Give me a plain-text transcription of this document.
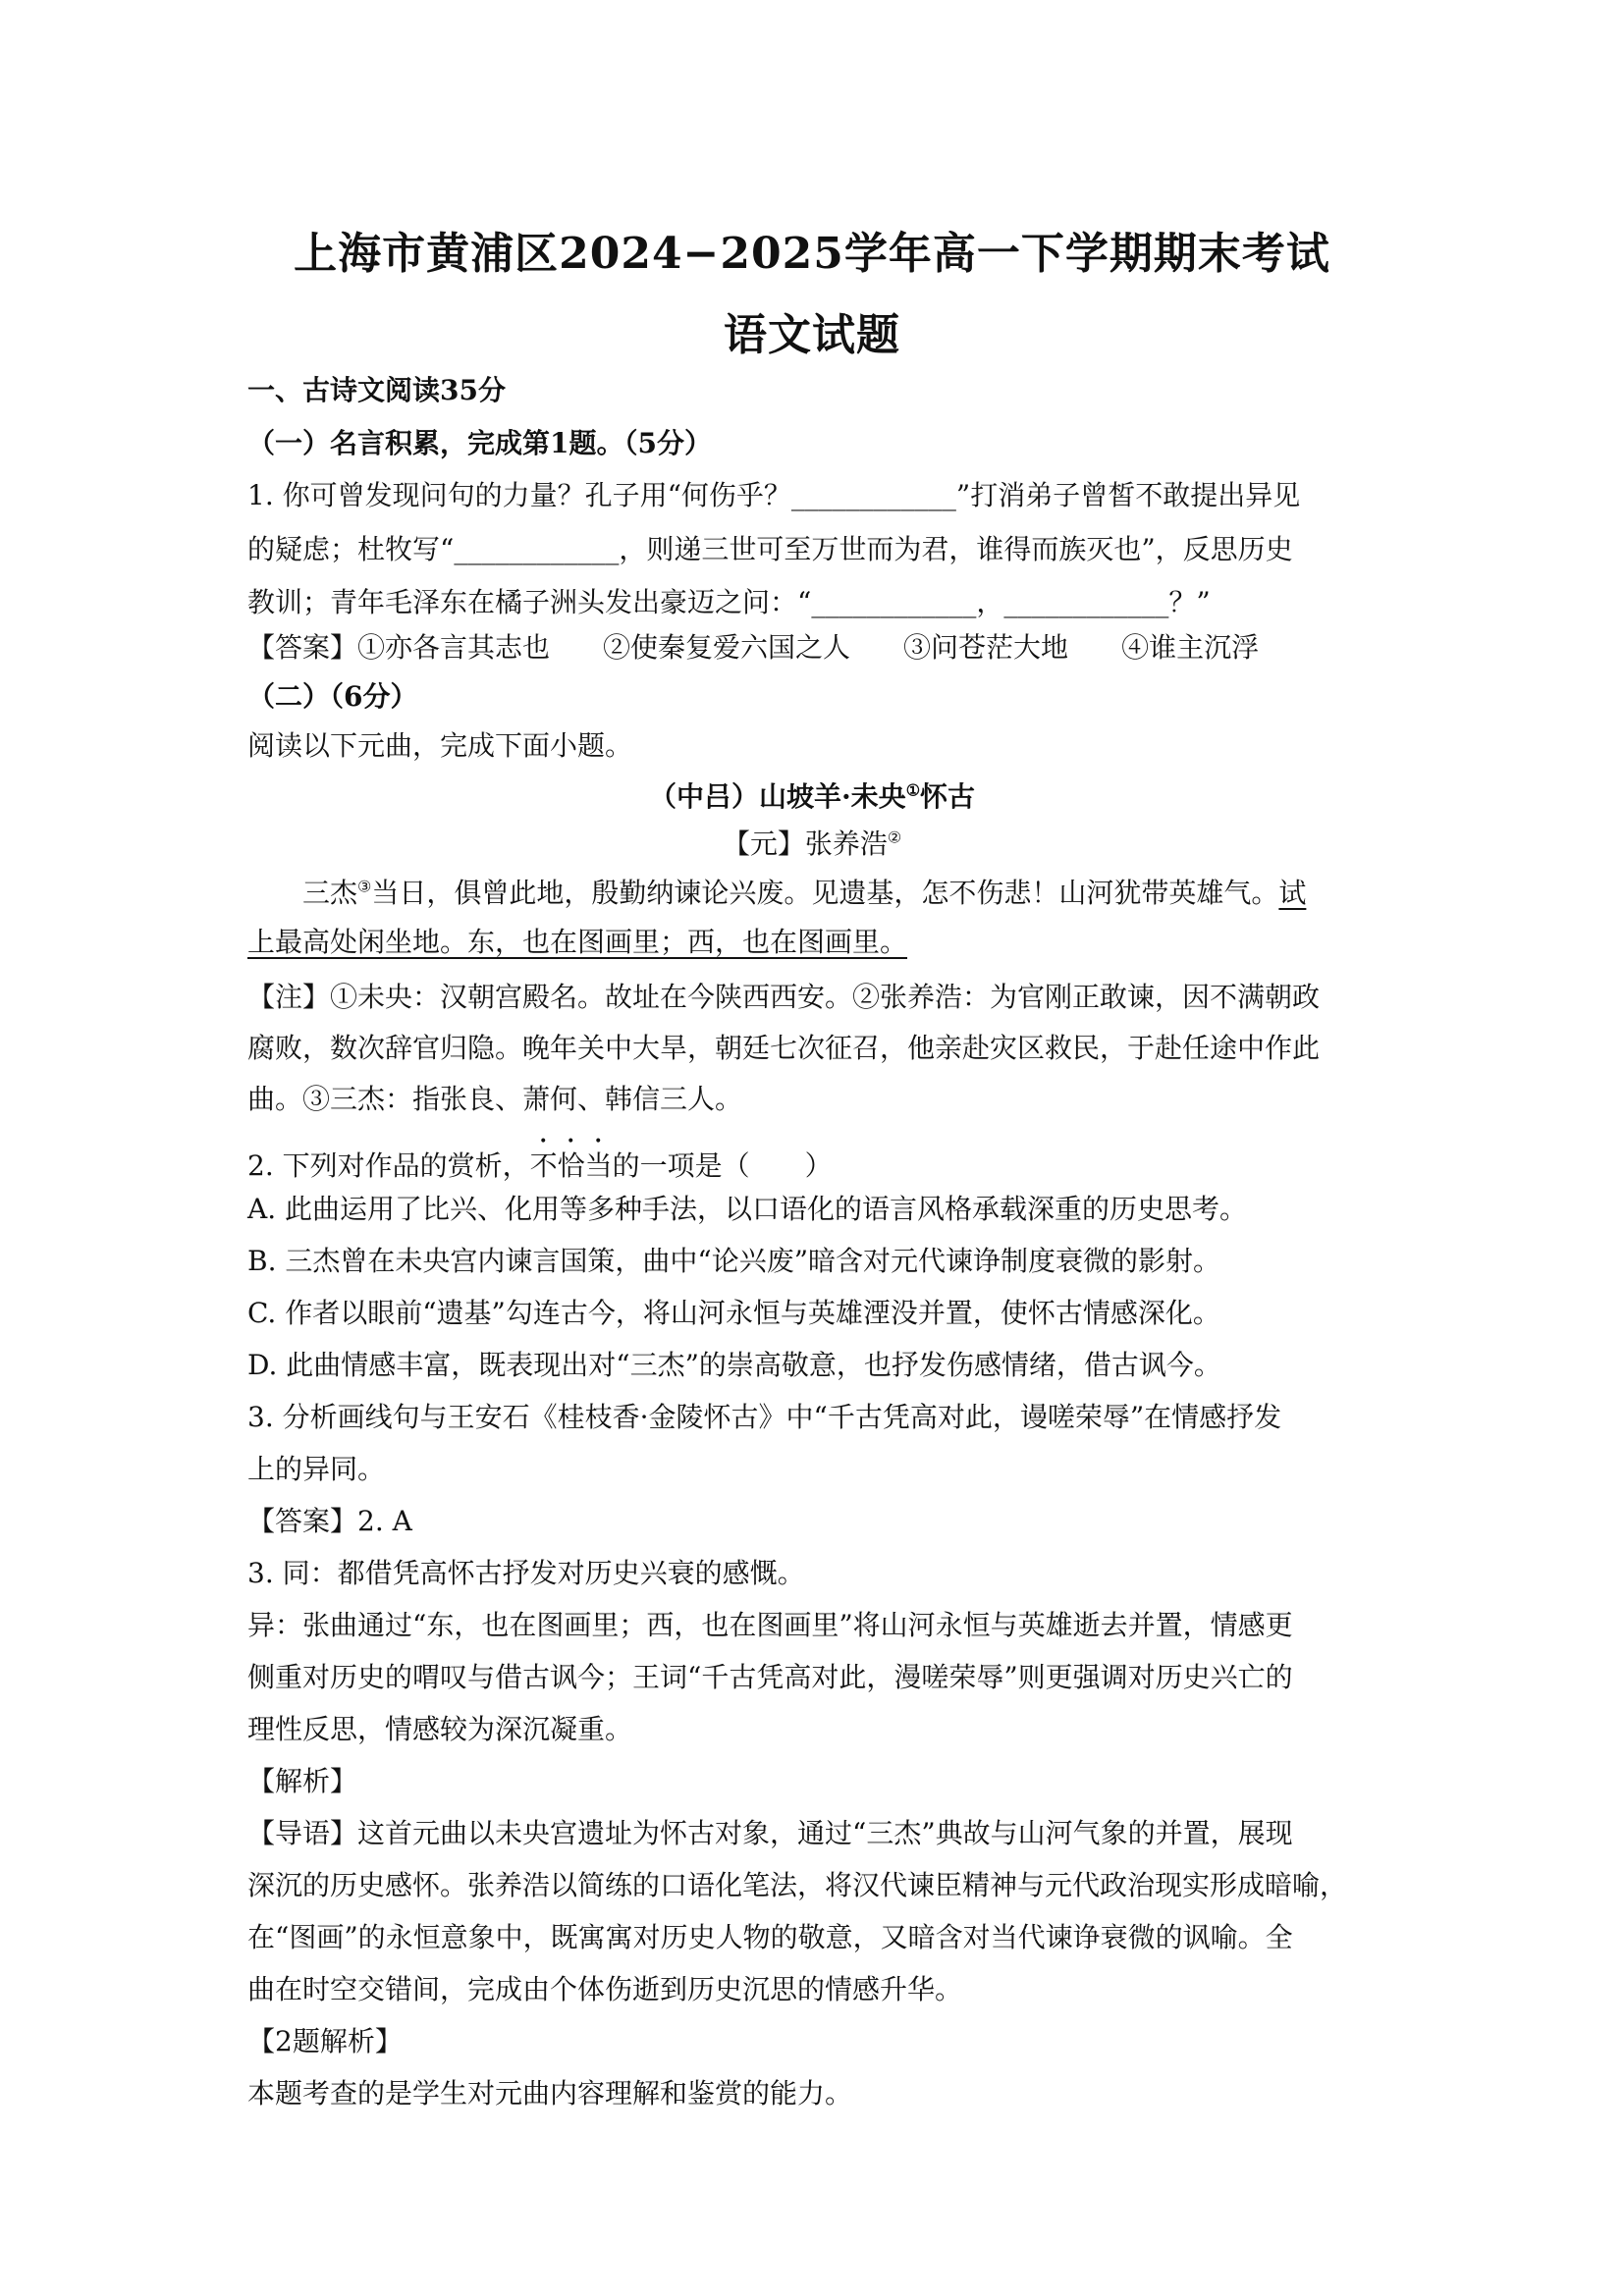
上海市黄浦区2024−2025学年高一下学期期末考试
语文试题
一、古诗文阅读35分
（一）名言积累，完成第1题。（5分）
1. 你可曾发现问句的力量？孔子用“何伤乎？____________”打消弟子曾皙不敢提出异见
的疑虑；杜牧写“____________，则递三世可至万世而为君，谁得而族灭也”，反思历史
教训；青年毛泽东在橘子洲头发出豪迈之问：“____________，____________？”
【答案】①亦各言其志也 ②使秦复爱六国之人 ③问苍茫大地 ④谁主沉浮
（二）（6分）
阅读以下元曲，完成下面小题。
（中吕）山坡羊·未央①怀古
【元】张养浩②
三杰③当日，俱曾此地，殷勤纳谏论兴废。见遗基，怎不伤悲！山河犹带英雄气。试
上最高处闲坐地。东，也在图画里；西，也在图画里。
【注】①未央：汉朝宫殿名。故址在今陕西西安。②张养浩：为官刚正敢谏，因不满朝政
腐败，数次辞官归隐。晚年关中大旱，朝廷七次征召，他亲赴灾区救民，于赴任途中作此
曲。③三杰：指张良、萧何、韩信三人。
2. 下列对作品的赏析，不恰当的一项是（　　）
A. 此曲运用了比兴、化用等多种手法，以口语化的语言风格承载深重的历史思考。
B. 三杰曾在未央宫内谏言国策，曲中“论兴废”暗含对元代谏诤制度衰微的影射。
C. 作者以眼前“遗基”勾连古今，将山河永恒与英雄湮没并置，使怀古情感深化。
D. 此曲情感丰富，既表现出对“三杰”的崇高敬意，也抒发伤感情绪，借古讽今。
3. 分析画线句与王安石《桂枝香·金陵怀古》中“千古凭高对此，谩嗟荣辱”在情感抒发
上的异同。
【答案】2. A
3. 同：都借凭高怀古抒发对历史兴衰的感慨。
异：张曲通过“东，也在图画里；西，也在图画里”将山河永恒与英雄逝去并置，情感更
侧重对历史的喟叹与借古讽今；王词“千古凭高对此，漫嗟荣辱”则更强调对历史兴亡的
理性反思，情感较为深沉凝重。
【解析】
【导语】这首元曲以未央宫遗址为怀古对象，通过“三杰”典故与山河气象的并置，展现
深沉的历史感怀。张养浩以简练的口语化笔法，将汉代谏臣精神与元代政治现实形成暗喻，
在“图画”的永恒意象中，既寓寓对历史人物的敬意，又暗含对当代谏诤衰微的讽喻。全
曲在时空交错间，完成由个体伤逝到历史沉思的情感升华。
【2题解析】
本题考查的是学生对元曲内容理解和鉴赏的能力。
